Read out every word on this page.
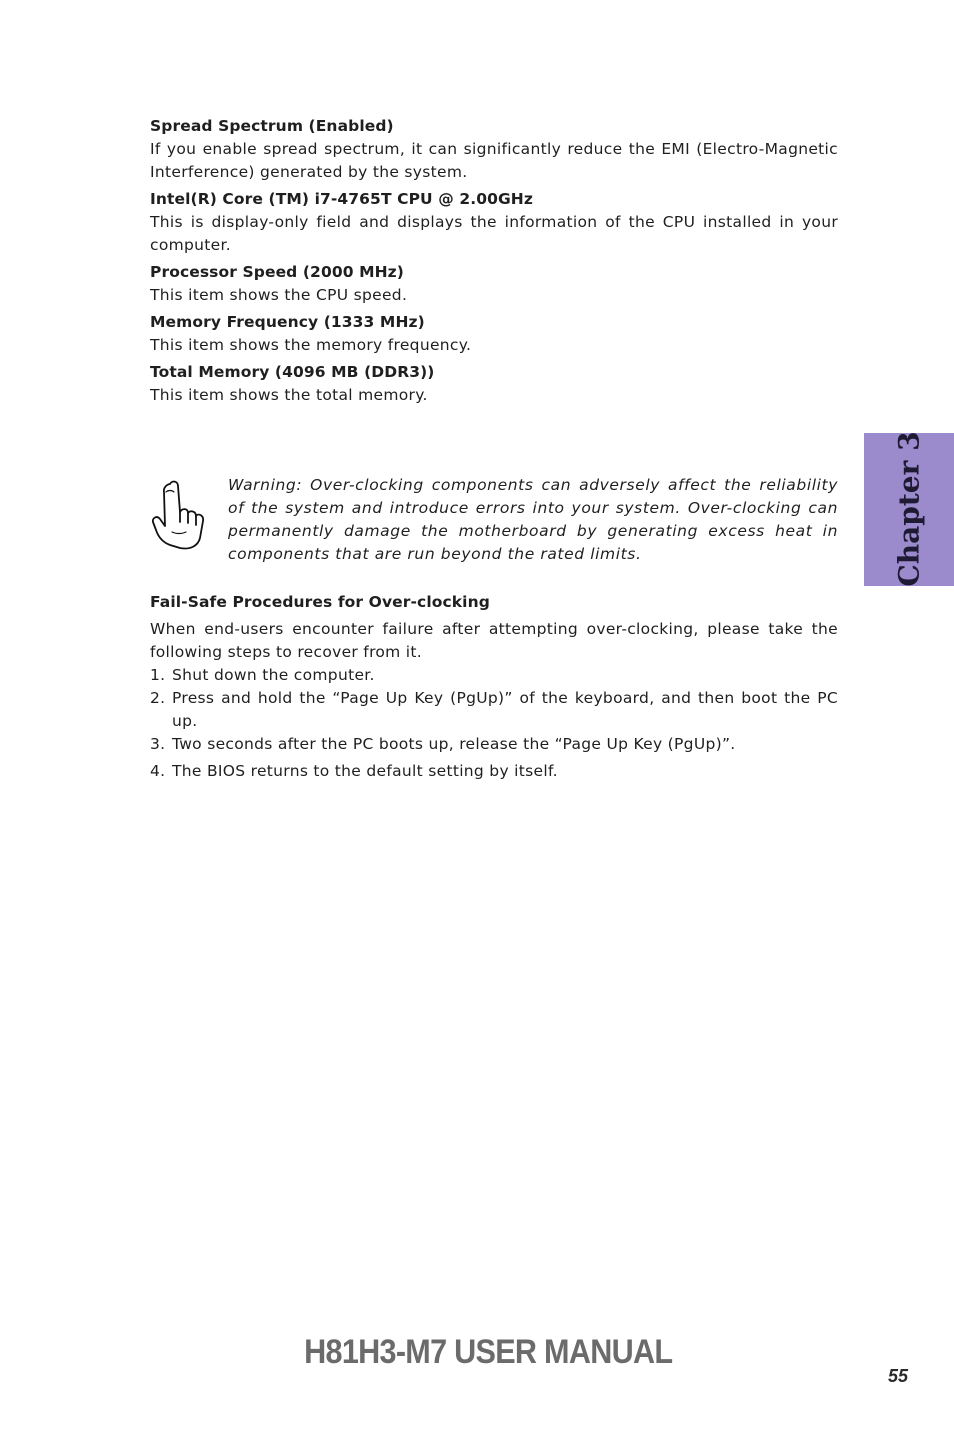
Spread Spectrum (Enabled)

If you enable spread spectrum, it can significantly reduce the EMI (Electro-Magnetic Interference) generated by the system.

Intel(R) Core (TM) i7-4765T CPU @ 2.00GHz

This is display-only field and displays the information of the CPU installed in your computer.

Processor Speed (2000 MHz)

This item shows the CPU speed.

Memory Frequency (1333 MHz)

This item shows the memory frequency.

Total Memory (4096 MB (DDR3))

This item shows the total memory.

Warning: Over-clocking components can adversely affect the reliability of the system and introduce errors into your system. Over-clocking can permanently damage the motherboard by generating excess heat in components that are run beyond the rated limits.
Fail-Safe Procedures for Over-clocking
When end-users encounter failure after attempting over-clocking, please take the following steps to recover from it.
1. Shut down the computer.
2. Press and hold the “Page Up Key (PgUp)” of the keyboard, and then boot the PC up.
3. Two seconds after the PC boots up, release the “Page Up Key (PgUp)”.
4. The BIOS returns to the default setting by itself.
Chapter 3
H81H3-M7 USER MANUAL
55
